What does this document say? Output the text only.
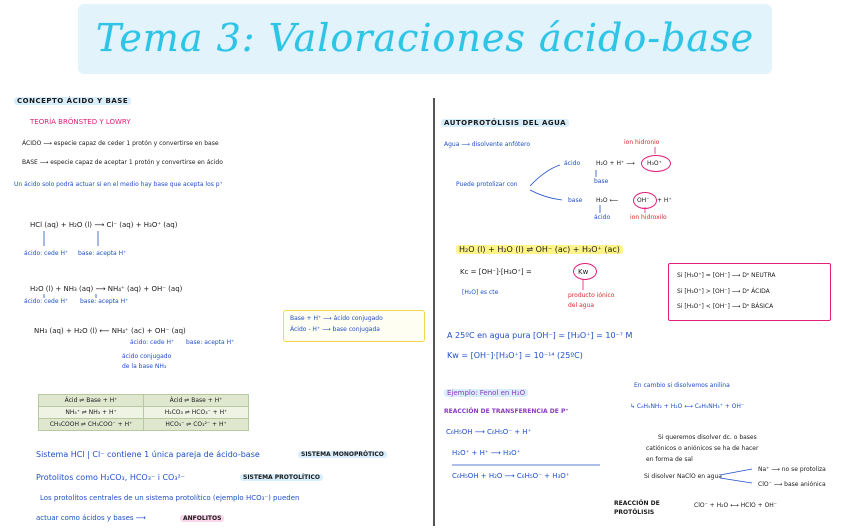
Tema 3: Valoraciones ácido-base
CONCEPTO ÁCIDO Y BASE
TEORÍA BRÖNSTED Y LOWRY
ÁCIDO ⟶ especie capaz de ceder 1 protón y convertirse en base
BASE ⟶ especie capaz de aceptar 1 protón y convertirse en ácido
Un ácido solo podrá actuar si en el medio hay base que acepta los p⁺
HCl (aq) + H₂O (l) ⟶ Cl⁻ (aq) + H₃O⁺ (aq)
ácido: cede H⁺ base: acepta H⁺
H₂O (l) + NH₃ (aq) ⟶ NH₄⁺ (aq) + OH⁻ (aq)
ácido: cede H⁺ base: acepta H⁺
NH₃ (aq) + H₂O (l) ⟵ NH₄⁺ (ac) + OH⁻ (aq)
ácido: cede H⁺ base: acepta H⁺
ácido conjugado
de la base NH₃
Base + H⁺ ⟶ ácido conjugado
Ácido - H⁺ ⟶ base conjugada
Ácid ⇌ Base + H⁺	Àcid ⇌ Base + H⁺
NH₄⁺ ⇌ NH₃ + H⁺	H₂CO₃ ⇌ HCO₃⁻ + H⁺
CH₃COOH ⇌ CH₃COO⁻ + H⁺	HCO₃⁻ ⇌ CO₃²⁻ + H⁺
Sistema HCl | Cl⁻ contiene 1 única pareja de ácido-base	SISTEMA MONOPRÓTICO
Protolitos como H₂CO₃, HCO₃⁻ i CO₃²⁻	SISTEMA PROTOLÍTICO
Los protolitos centrales de un sistema protolítico (ejemplo HCO₃⁻) pueden
actuar como ácidos y bases ⟶	ANFOLITOS
AUTOPROTÓLISIS DEL AGUA
Agua ⟶ disolvente anfótero
Puede protolizar con
ácido
base
H₂O + H⁺ ⟶ H₃O⁺
base
H₂O ⟵	OH⁻ + H⁺
ácido
ion hidronio
ion hidroxilo
H₂O (l) + H₂O (l) ⇌ OH⁻ (ac) + H₃O⁺ (ac)
Kc = [OH⁻]·[H₃O⁺] =	Kw
[H₂O] es cte	producto iónico
del agua
Si [H₃O⁺] = [OH⁻] ⟶ Dⁿ NEUTRA
Si [H₃O⁺] > [OH⁻] ⟶ Dⁿ ÁCIDA
Si [H₃O⁺] < [OH⁻] ⟶ Dⁿ BÁSICA
A 25ºC en agua pura [OH⁻] = [H₃O⁺] = 10⁻⁷ M
Kw = [OH⁻]·[H₃O⁺] = 10⁻¹⁴ (25ºC)
Ejemplo: Fenol en H₂O
REACCIÓN DE TRANSFERENCIA DE P⁺
C₆H₅OH ⟶ C₆H₅O⁻ + H⁺
H₂O⁺ + H⁺ ⟶ H₃O⁺
C₆H₅OH + H₂O ⟶ C₆H₅O⁻ + H₃O⁺
En cambio si disolvemos anilina
↳ C₆H₅NH₂ + H₂O ⟷ C₆H₅NH₃⁺ + OH⁻
Si queremos disolver dc. o bases
catiónicos o aniónicos se ha de hacer
en forma de sal
Si disolver NaClO en agua
Na⁺ ⟶ no se protoliza
ClO⁻ ⟶ base aniónica
REACCIÓN DE
PROTÓLISIS
ClO⁻ + H₂O ⟷ HClO + OH⁻
